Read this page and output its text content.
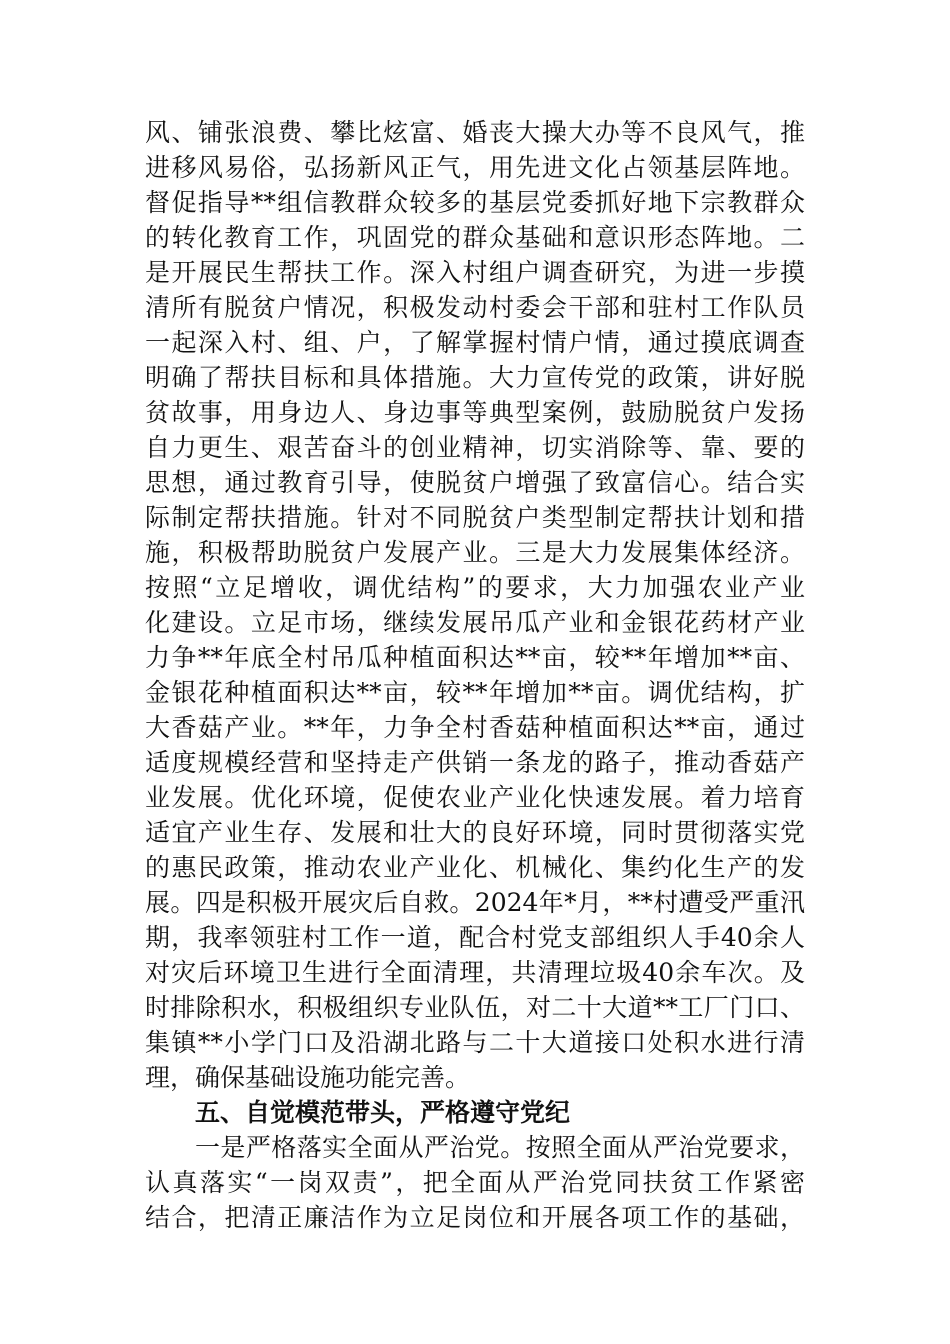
风、铺张浪费、攀比炫富、婚丧大操大办等不良风气，推
进移风易俗，弘扬新风正气，用先进文化占领基层阵地。
督促指导**组信教群众较多的基层党委抓好地下宗教群众
的转化教育工作，巩固党的群众基础和意识形态阵地。二
是开展民生帮扶工作。深入村组户调查研究，为进一步摸
清所有脱贫户情况，积极发动村委会干部和驻村工作队员
一起深入村、组、户，了解掌握村情户情，通过摸底调查
明确了帮扶目标和具体措施。大力宣传党的政策，讲好脱
贫故事，用身边人、身边事等典型案例，鼓励脱贫户发扬
自力更生、艰苦奋斗的创业精神，切实消除等、靠、要的
思想，通过教育引导，使脱贫户增强了致富信心。结合实
际制定帮扶措施。针对不同脱贫户类型制定帮扶计划和措
施，积极帮助脱贫户发展产业。三是大力发展集体经济。
按照“立足增收，调优结构”的要求，大力加强农业产业
化建设。立足市场，继续发展吊瓜产业和金银花药材产业
力争**年底全村吊瓜种植面积达**亩，较**年增加**亩、
金银花种植面积达**亩，较**年增加**亩。调优结构，扩
大香菇产业。**年，力争全村香菇种植面积达**亩，通过
适度规模经营和坚持走产供销一条龙的路子，推动香菇产
业发展。优化环境，促使农业产业化快速发展。着力培育
适宜产业生存、发展和壮大的良好环境，同时贯彻落实党
的惠民政策，推动农业产业化、机械化、集约化生产的发
展。四是积极开展灾后自救。2024年*月，**村遭受严重汛
期，我率领驻村工作一道，配合村党支部组织人手40余人
对灾后环境卫生进行全面清理，共清理垃圾40余车次。及
时排除积水，积极组织专业队伍，对二十大道**工厂门口、
集镇**小学门口及沿湖北路与二十大道接口处积水进行清
理，确保基础设施功能完善。
五、自觉模范带头，严格遵守党纪
一是严格落实全面从严治党。按照全面从严治党要求，
认真落实“一岗双责”，把全面从严治党同扶贫工作紧密
结合，把清正廉洁作为立足岗位和开展各项工作的基础，
